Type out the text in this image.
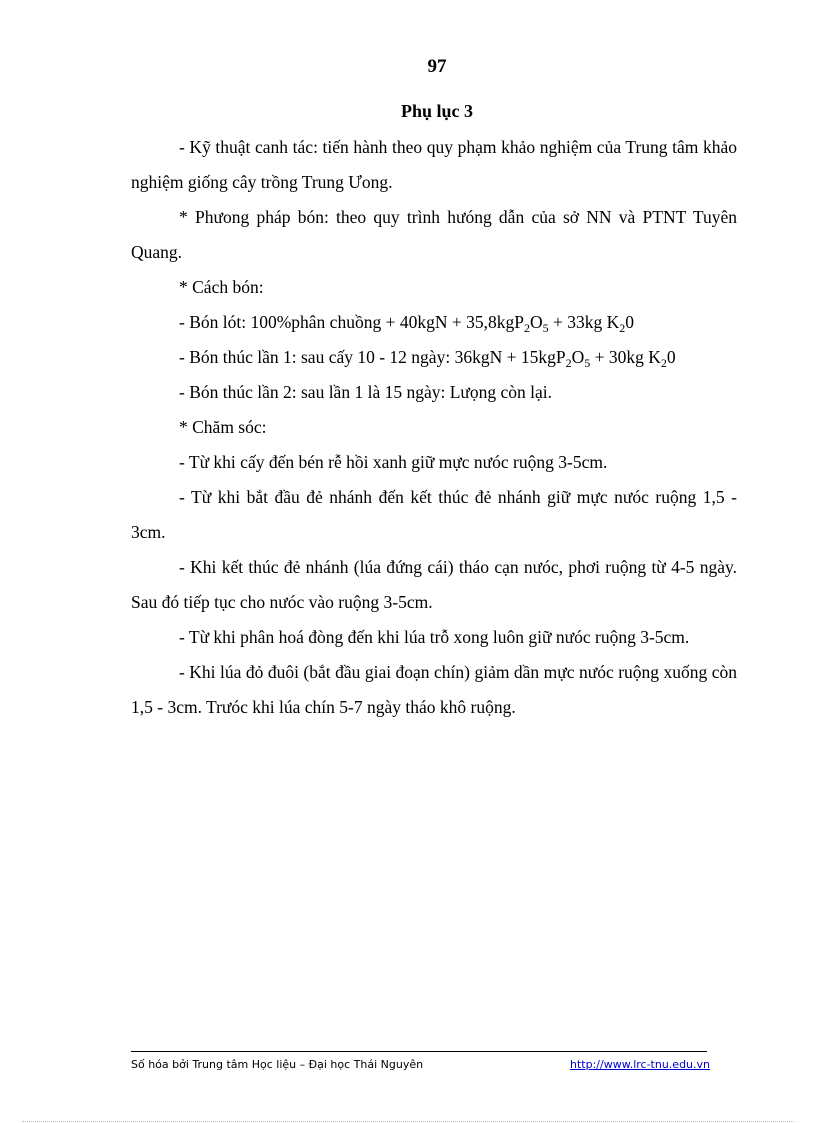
97
Phụ lục 3

- Kỹ thuật canh tác: tiến hành theo quy phạm khảo nghiệm của Trung tâm khảo nghiệm giống cây trồng Trung Ưong.

* Phưong pháp bón: theo quy trình hưóng dẫn của sở NN và PTNT Tuyên Quang.

* Cách bón:

- Bón lót: 100%phân chuồng + $40kgN + 35,8kgP_2O_5 + 33kg$ $K_20$

- Bón thúc lần 1: sau cấy 10 - 12 ngày: $36kgN + 15kgP_2O_5 + 30kg$ $K_20$

- Bón thúc lần 2: sau lần 1 là 15 ngày: Lưọng còn lại.

* Chăm sóc:

- Từ khi cấy đến bén rễ hồi xanh giữ mực nưóc ruộng 3-5cm.

- Từ khi bắt đầu đẻ nhánh đến kết thúc đẻ nhánh giữ mực nưóc ruộng 1,5 - 3cm.

- Khi kết thúc đẻ nhánh (lúa đứng cái) tháo cạn nưóc, phơi ruộng từ 4-5 ngày. Sau đó tiếp tục cho nưóc vào ruộng 3-5cm.

- Từ khi phân hoá đòng đến khi lúa trỗ xong luôn giữ nưóc ruộng 3-5cm.

- Khi lúa đỏ đuôi (bắt đầu giai đoạn chín) giảm dần mực nưóc ruộng xuống còn 1,5 - 3cm. Trưóc khi lúa chín 5-7 ngày tháo khô ruộng.

Số hóa bởi Trung tâm Học liệu – Đại học Thái Nguyên	http://www.lrc-tnu.edu.vn
